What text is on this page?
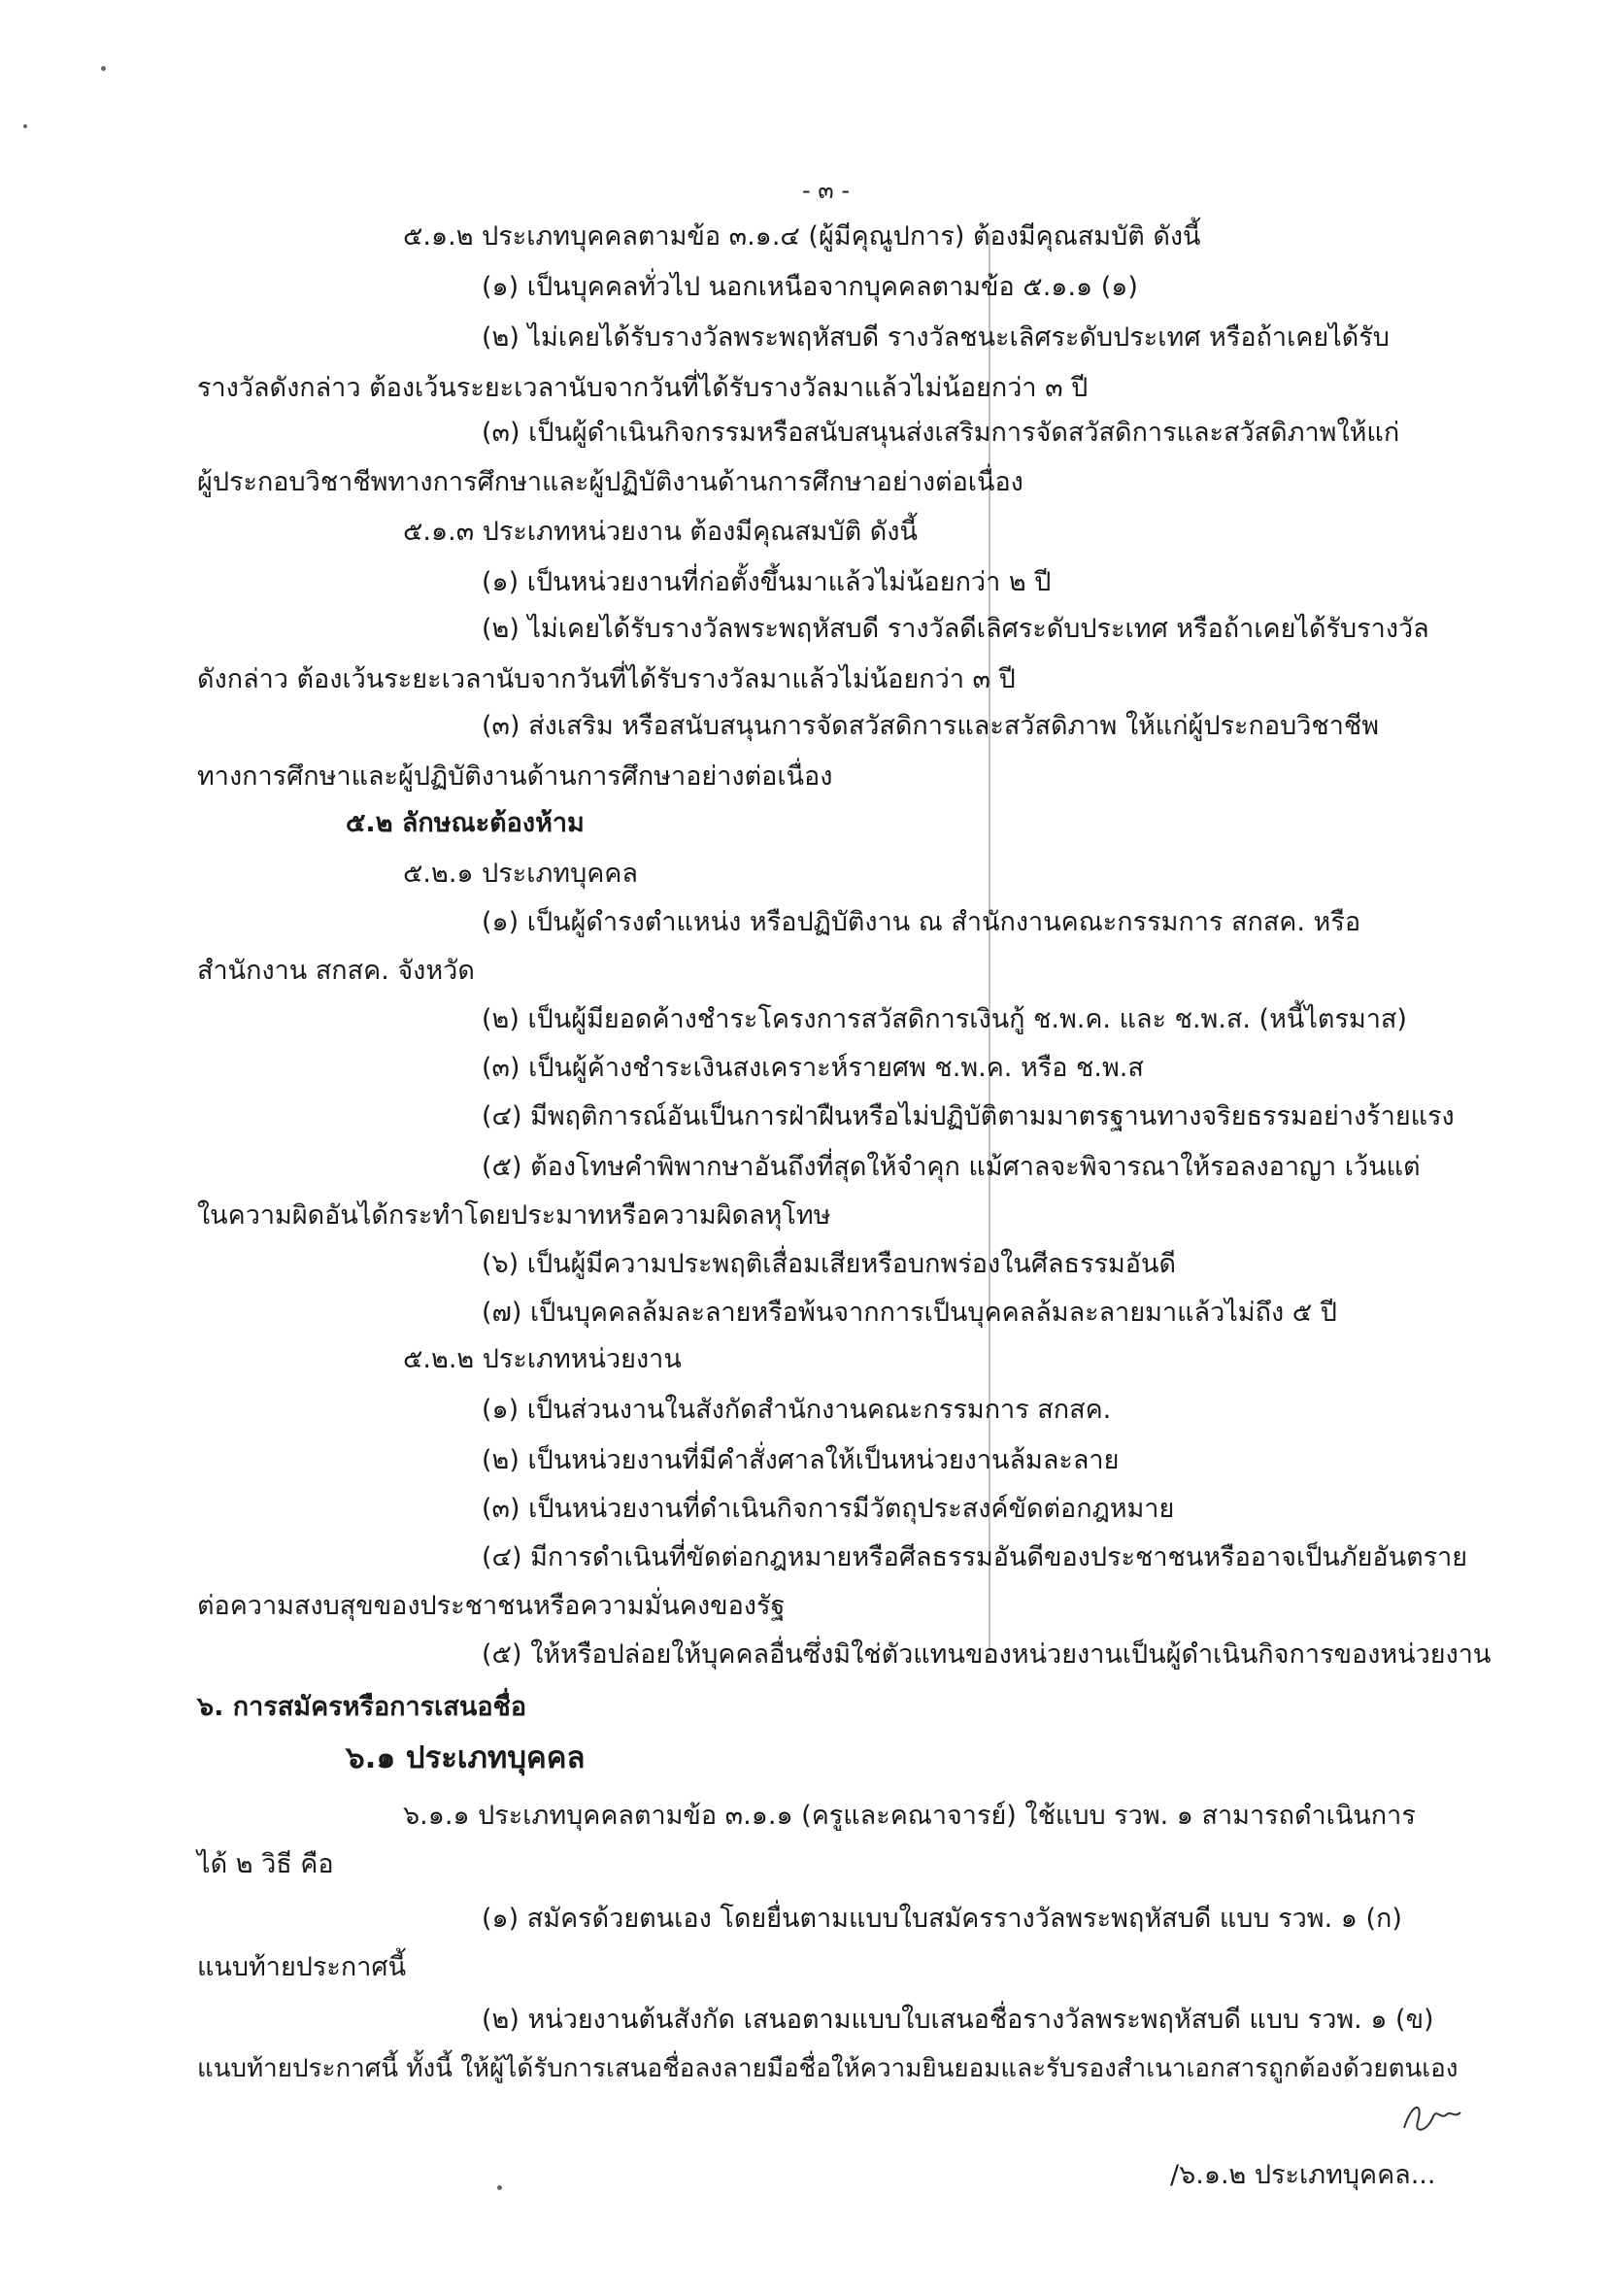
- ๓ -
๕.๑.๒ ประเภทบุคคลตามข้อ ๓.๑.๔ (ผู้มีคุณูปการ) ต้องมีคุณสมบัติ ดังนี้
(๑) เป็นบุคคลทั่วไป นอกเหนือจากบุคคลตามข้อ ๕.๑.๑ (๑)
(๒) ไม่เคยได้รับรางวัลพระพฤหัสบดี รางวัลชนะเลิศระดับประเทศ หรือถ้าเคยได้รับ
รางวัลดังกล่าว ต้องเว้นระยะเวลานับจากวันที่ได้รับรางวัลมาแล้วไม่น้อยกว่า ๓ ปี
(๓) เป็นผู้ดำเนินกิจกรรมหรือสนับสนุนส่งเสริมการจัดสวัสดิการและสวัสดิภาพให้แก่
ผู้ประกอบวิชาชีพทางการศึกษาและผู้ปฏิบัติงานด้านการศึกษาอย่างต่อเนื่อง
๕.๑.๓ ประเภทหน่วยงาน ต้องมีคุณสมบัติ ดังนี้
(๑) เป็นหน่วยงานที่ก่อตั้งขึ้นมาแล้วไม่น้อยกว่า ๒ ปี
(๒) ไม่เคยได้รับรางวัลพระพฤหัสบดี รางวัลดีเลิศระดับประเทศ หรือถ้าเคยได้รับรางวัล
ดังกล่าว ต้องเว้นระยะเวลานับจากวันที่ได้รับรางวัลมาแล้วไม่น้อยกว่า ๓ ปี
(๓) ส่งเสริม หรือสนับสนุนการจัดสวัสดิการและสวัสดิภาพ ให้แก่ผู้ประกอบวิชาชีพ
ทางการศึกษาและผู้ปฏิบัติงานด้านการศึกษาอย่างต่อเนื่อง
๕.๒ ลักษณะต้องห้าม
๕.๒.๑ ประเภทบุคคล
(๑) เป็นผู้ดำรงตำแหน่ง หรือปฏิบัติงาน ณ สำนักงานคณะกรรมการ สกสค. หรือ
สำนักงาน สกสค. จังหวัด
(๒) เป็นผู้มียอดค้างชำระโครงการสวัสดิการเงินกู้ ช.พ.ค. และ ช.พ.ส. (หนี้ไตรมาส)
(๓) เป็นผู้ค้างชำระเงินสงเคราะห์รายศพ ช.พ.ค. หรือ ช.พ.ส
(๔) มีพฤติการณ์อันเป็นการฝ่าฝืนหรือไม่ปฏิบัติตามมาตรฐานทางจริยธรรมอย่างร้ายแรง
(๕) ต้องโทษคำพิพากษาอันถึงที่สุดให้จำคุก แม้ศาลจะพิจารณาให้รอลงอาญา เว้นแต่
ในความผิดอันได้กระทำโดยประมาทหรือความผิดลหุโทษ
(๖) เป็นผู้มีความประพฤติเสื่อมเสียหรือบกพร่องในศีลธรรมอันดี
(๗) เป็นบุคคลล้มละลายหรือพ้นจากการเป็นบุคคลล้มละลายมาแล้วไม่ถึง ๕ ปี
๕.๒.๒ ประเภทหน่วยงาน
(๑) เป็นส่วนงานในสังกัดสำนักงานคณะกรรมการ สกสค.
(๒) เป็นหน่วยงานที่มีคำสั่งศาลให้เป็นหน่วยงานล้มละลาย
(๓) เป็นหน่วยงานที่ดำเนินกิจการมีวัตถุประสงค์ขัดต่อกฎหมาย
(๔) มีการดำเนินที่ขัดต่อกฎหมายหรือศีลธรรมอันดีของประชาชนหรืออาจเป็นภัยอันตราย
ต่อความสงบสุขของประชาชนหรือความมั่นคงของรัฐ
(๕) ให้หรือปล่อยให้บุคคลอื่นซึ่งมิใช่ตัวแทนของหน่วยงานเป็นผู้ดำเนินกิจการของหน่วยงาน
๖. การสมัครหรือการเสนอชื่อ
๖.๑ ประเภทบุคคล
๖.๑.๑ ประเภทบุคคลตามข้อ ๓.๑.๑ (ครูและคณาจารย์) ใช้แบบ รวพ. ๑ สามารถดำเนินการ
ได้ ๒ วิธี คือ
(๑) สมัครด้วยตนเอง โดยยื่นตามแบบใบสมัครรางวัลพระพฤหัสบดี แบบ รวพ. ๑ (ก)
แนบท้ายประกาศนี้
(๒) หน่วยงานต้นสังกัด เสนอตามแบบใบเสนอชื่อรางวัลพระพฤหัสบดี แบบ รวพ. ๑ (ข)
แนบท้ายประกาศนี้ ทั้งนี้ ให้ผู้ได้รับการเสนอชื่อลงลายมือชื่อให้ความยินยอมและรับรองสำเนาเอกสารถูกต้องด้วยตนเอง
/๖.๑.๒ ประเภทบุคคล...
